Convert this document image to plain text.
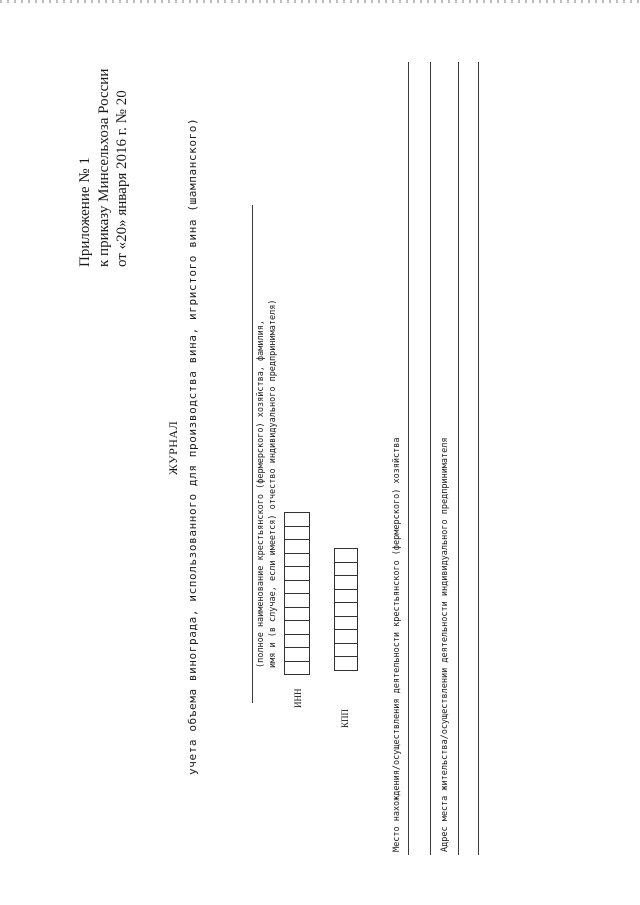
Приложение № 1 к приказу Минсельхоза России от «20» января 2016 г. № 20
ЖУРНАЛ учета объема винограда, использованного для производства вина, игристого вина (шампанского)	(полное наименование крестьянского (фермерского) хозяйства, фамилия, имя и (в случае, если имеется) отчество индивидуального предпринимателя)
ИНН
КПП	Место нахождения/осуществления деятельности крестьянского (фермерского) хозяйства	Адрес места жительства/осуществлении деятельности индивидуального предпринимателя
